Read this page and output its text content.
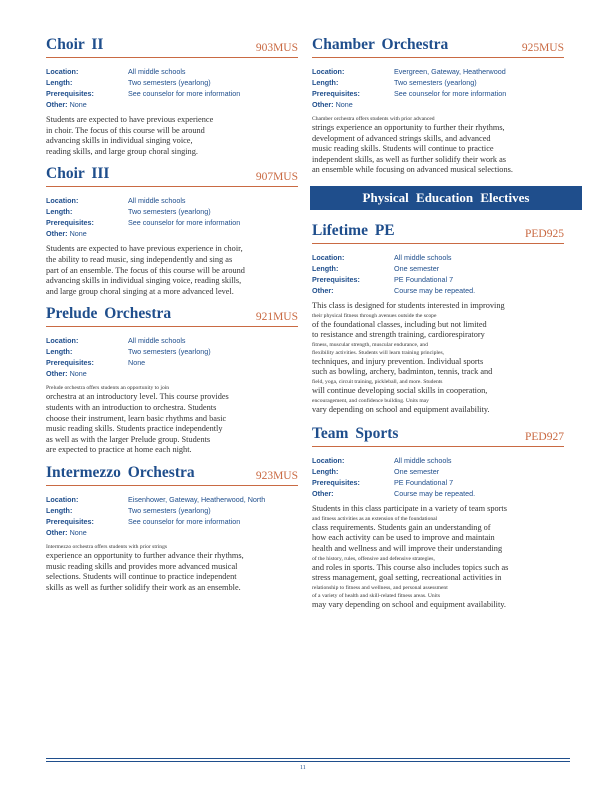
Choir II	903MUS
Location:	All middle schools
Length:	Two semesters (yearlong)
Prerequisites:	See counselor for more information
Other: None
Students are expected to have previous experience
in choir. The focus of this course will be around
advancing skills in individual singing voice,
reading skills, and large group choral singing.
Choir III	907MUS
Location:	All middle schools
Length:	Two semesters (yearlong)
Prerequisites:	See counselor for more information
Other: None
Students are expected to have previous experience in choir,
the ability to read music, sing independently and sing as
part of an ensemble. The focus of this course will be around
advancing skills in individual singing voice, reading skills,
and large group choral singing at a more advanced level.
Prelude Orchestra	921MUS
Location:	All middle schools
Length:	Two semesters (yearlong)
Prerequisites:	None
Other: None
Prelude orchestra offers students an opportunity to join
orchestra at an introductory level. This course provides
students with an introduction to orchestra. Students
choose their instrument, learn basic rhythms and basic
music reading skills. Students practice independently
as well as with the larger Prelude group. Students
are expected to practice at home each night.
Intermezzo Orchestra	923MUS
Location:	Eisenhower, Gateway, Heatherwood, North
Length:	Two semesters (yearlong)
Prerequisites:	See counselor for more information
Other: None
Intermezzo orchestra offers students with prior strings
experience an opportunity to further advance their rhythms,
music reading skills and provides more advanced musical
selections. Students will continue to practice independent
skills as well as further solidify their work as an ensemble.
Chamber Orchestra	925MUS
Location:	Evergreen, Gateway, Heatherwood
Length:	Two semesters (yearlong)
Prerequisites:	See counselor for more information
Other: None
Chamber orchestra offers students with prior advanced
strings experience an opportunity to further their rhythms,
development of advanced strings skills, and advanced
music reading skills. Students will continue to practice
independent skills, as well as further solidify their work as
an ensemble while focusing on advanced musical selections.
Physical Education Electives
Lifetime PE	PED925
Location:	All middle schools
Length:	One semester
Prerequisites:	PE Foundational 7
Other:	Course may be repeated.
This class is designed for students interested in improving
their physical fitness through avenues outside the scope
of the foundational classes, including but not limited
to resistance and strength training, cardiorespiratory
fitness, muscular strength, muscular endurance, and
flexibility activities. Students will learn training principles,
techniques, and injury prevention. Individual sports
such as bowling, archery, badminton, tennis, track and
field, yoga, circuit training, pickleball, and more. Students
will continue developing social skills in cooperation,
encouragement, and confidence building. Units may
vary depending on school and equipment availability.
Team Sports	PED927
Location:	All middle schools
Length:	One semester
Prerequisites:	PE Foundational 7
Other:	Course may be repeated.
Students in this class participate in a variety of team sports
and fitness activities as an extension of the foundational
class requirements. Students gain an understanding of
how each activity can be used to improve and maintain
health and wellness and will improve their understanding
of the history, rules, offensive and defensive strategies,
and roles in sports. This course also includes topics such as
stress management, goal setting, recreational activities in
relationship to fitness and wellness, and personal assessment
of a variety of health and skill-related fitness areas. Units
may vary depending on school and equipment availability.
11
